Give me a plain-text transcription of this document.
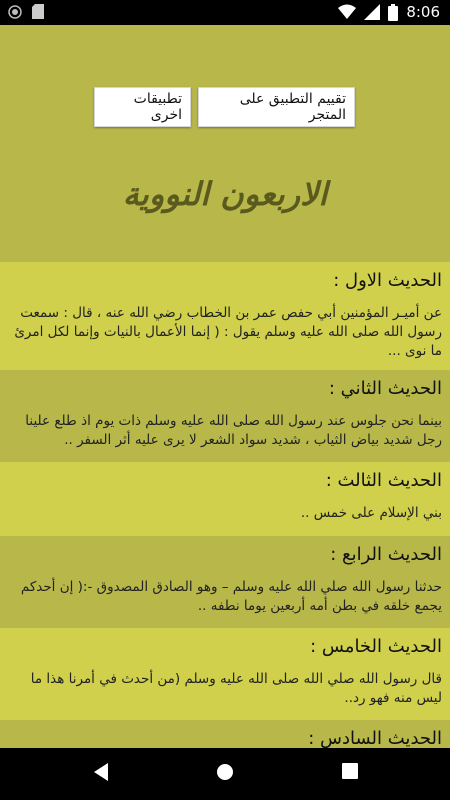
8:06
تقييم التطبيق على المتجر
تطبيقات اخرى
الاربعون النووية
الحديث الاول :
عن أميـر المؤمنين أبي حفص عمر بن الخطاب رضي الله عنه ، قال : سمعت رسول الله صلى الله عليه وسلم يقول : ( إنما الأعمال بالنيات وإنما لكل امرئ ما نوى ...
الحديث الثاني :
بينما نحن جلوس عند رسول الله صلى الله عليه وسلم ذات يوم اذ طلع علينا رجل شديد بياض الثياب ، شديد سواد الشعر لا يرى عليه أثر السفر ..
الحديث الثالث :
بني الإسلام على خمس ..
الحديث الرابع :
حدثنا رسول الله صلي الله عليه وسلم – وهو الصادق المصدوق -:( إن أحدكم يجمع خلقه في بطن أمه أربعين يوما نطفه ..
الحديث الخامس :
قال رسول الله صلي الله صلى الله عليه وسلم (من أحدث في أمرنا هذا ما ليس منه فهو رد..
الحديث السادس :
